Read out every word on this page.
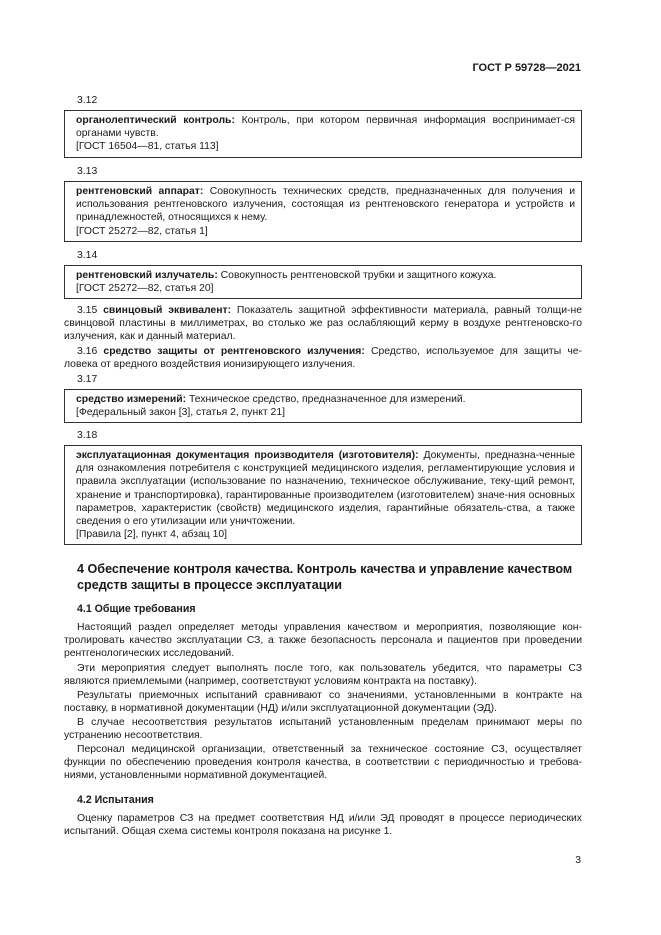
ГОСТ Р 59728—2021
3.12

органолептический контроль: Контроль, при котором первичная информация воспринимает-ся органами чувств.

[ГОСТ 16504—81, статья 113]

3.13

рентгеновский аппарат: Совокупность технических средств, предназначенных для получения и использования рентгеновского излучения, состоящая из рентгеновского генератора и устройств и принадлежностей, относящихся к нему.

[ГОСТ 25272—82, статья 1]

3.14

рентгеновский излучатель: Совокупность рентгеновской трубки и защитного кожуха.

[ГОСТ 25272—82, статья 20]

3.15 свинцовый эквивалент: Показатель защитной эффективности материала, равный толщи-не свинцовой пластины в миллиметрах, во столько же раз ослабляющий керму в воздухе рентгеновско-го излучения, как и данный материал.

3.16 средство защиты от рентгеновского излучения: Средство, используемое для защиты че-ловека от вредного воздействия ионизирующего излучения.

3.17

средство измерений: Техническое средство, предназначенное для измерений.

[Федеральный закон [3], статья 2, пункт 21]

3.18

эксплуатационная документация производителя (изготовителя): Документы, предназна-ченные для ознакомления потребителя с конструкцией медицинского изделия, регламентирующие условия и правила эксплуатации (использование по назначению, техническое обслуживание, теку-щий ремонт, хранение и транспортировка), гарантированные производителем (изготовителем) значе-ния основных параметров, характеристик (свойств) медицинского изделия, гарантийные обязатель-ства, а также сведения о его утилизации или уничтожении.

[Правила [2], пункт 4, абзац 10]

4 Обеспечение контроля качества. Контроль качества и управление качеством средств защиты в процессе эксплуатации
4.1 Общие требования

Настоящий раздел определяет методы управления качеством и мероприятия, позволяющие кон-тролировать качество эксплуатации СЗ, а также безопасность персонала и пациентов при проведении рентгенологических исследований.

Эти мероприятия следует выполнять после того, как пользователь убедится, что параметры СЗ являются приемлемыми (например, соответствуют условиям контракта на поставку).

Результаты приемочных испытаний сравнивают со значениями, установленными в контракте на поставку, в нормативной документации (НД) и/или эксплуатационной документации (ЭД).

В случае несоответствия результатов испытаний установленным пределам принимают меры по устранению несоответствия.

Персонал медицинской организации, ответственный за техническое состояние СЗ, осуществляет функции по обеспечению проведения контроля качества, в соответствии с периодичностью и требова-ниями, установленными нормативной документацией.

4.2 Испытания

Оценку параметров СЗ на предмет соответствия НД и/или ЭД проводят в процессе периодических испытаний. Общая схема системы контроля показана на рисунке 1.

3
